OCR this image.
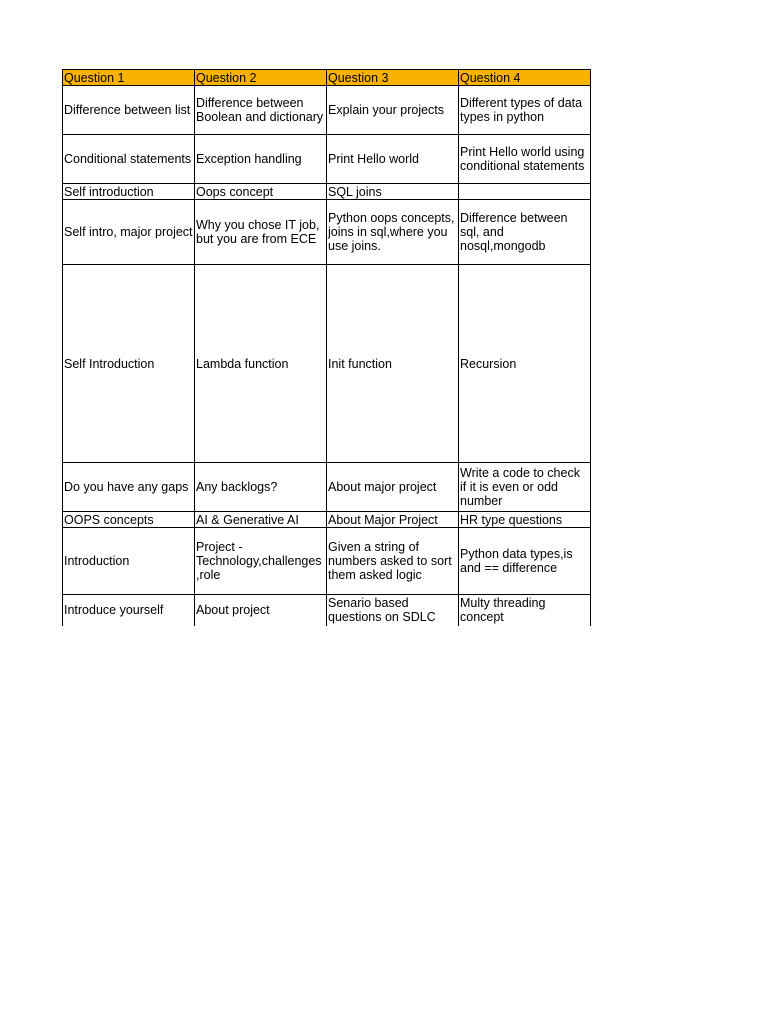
Question 1	Question 2	Question 3	Question 4
Difference between list	Difference between Boolean and dictionary	Explain your projects	Different types of data types in python
Conditional statements	Exception handling	Print Hello world	Print Hello world using conditional statements
Self introduction	Oops concept	SQL joins	
Self intro, major project	Why you chose IT job, but you are from ECE	Python oops concepts, joins in sql,where you use joins.	Difference between sql, and nosql,mongodb
Self Introduction	Lambda function	Init function	Recursion
Do you have any gaps	Any backlogs?	About major project	Write a code to check if it is even or odd number
OOPS concepts	AI & Generative AI	About Major Project	HR type questions
Introduction	Project - Technology,challenges,role	Given a string of numbers asked to sort them asked logic	Python data types,is and == difference
Introduce yourself	About project	Senario based questions on SDLC	Multy threading concept
